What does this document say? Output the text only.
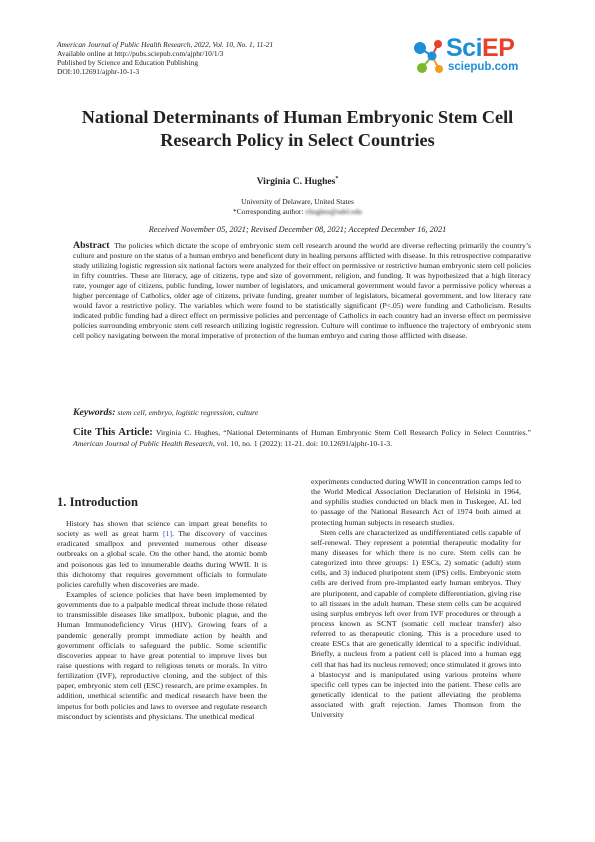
American Journal of Public Health Research, 2022, Vol. 10, No. 1, 11-21
Available online at http://pubs.sciepub.com/ajphr/10/1/3
Published by Science and Education Publishing
DOI:10.12691/ajphr-10-1-3
SciEP
sciepub.com
National Determinants of Human Embryonic Stem Cell
Research Policy in Select Countries
Virginia C. Hughes*
University of Delaware, United States
*Corresponding author: vhughes@udel.edu
Received November 05, 2021; Revised December 08, 2021; Accepted December 16, 2021
Abstract The policies which dictate the scope of embryonic stem cell research around the world are diverse reflecting primarily the country’s culture and posture on the status of a human embryo and beneficent duty in healing persons afflicted with disease. In this retrospective comparative study utilizing logistic regression six national factors were analyzed for their effect on permissive or restrictive human embryonic stem cell policies in fifty countries. These are literacy, age of citizens, type and size of government, religion, and funding. It was hypothesized that a high literacy rate, younger age of citizens, public funding, lower number of legislators, and unicameral government would favor a permissive policy whereas a higher percentage of Catholics, older age of citizens, private funding, greater number of legislators, bicameral government, and low literacy rate would favor a restrictive policy. The variables which were found to be statistically significant (P<.05) were funding and Catholicism. Results indicated public funding had a direct effect on permissive policies and percentage of Catholics in each country had an inverse effect on permissive policies surrounding embryonic stem cell research utilizing logistic regression. Culture will continue to influence the trajectory of embryonic stem cell policy navigating between the moral imperative of protection of the human embryo and curing those afflicted with disease.
Keywords: stem cell, embryo, logistic regression, culture
Cite This Article: Virginia C. Hughes, “National Determinants of Human Embryonic Stem Cell Research Policy in Select Countries.” American Journal of Public Health Research, vol. 10, no. 1 (2022): 11-21. doi: 10.12691/ajphr-10-1-3.
1. Introduction

History has shown that science can impart great benefits to society as well as great harm [1]. The discovery of vaccines eradicated smallpox and prevented numerous other disease outbreaks on a global scale. On the other hand, the atomic bomb and poisonous gas led to innumerable deaths during WWII. It is this dichotomy that requires government officials to formulate policies carefully when discoveries are made.

Examples of science policies that have been implemented by governments due to a palpable medical threat include those related to transmissible diseases like smallpox, bubonic plague, and the Human Immunodeficiency Virus (HIV). Growing fears of a pandemic generally prompt immediate action by health and government officials to safeguard the public. Some scientific discoveries appear to have great potential to improve lives but raise questions with regard to religious tenets or morals. In vitro fertilization (IVF), reproductive cloning, and the subject of this paper, embryonic stem cell (ESC) research, are prime examples. In addition, unethical scientific and medical research have been the impetus for both policies and laws to oversee and regulate research misconduct by scientists and physicians. The unethical medical

experiments conducted during WWII in concentration camps led to the World Medical Association Declaration of Helsinki in 1964, and syphilis studies conducted on black men in Tuskegee, AL led to passage of the National Research Act of 1974 both aimed at protecting human subjects in research studies.

Stem cells are characterized as undifferentiated cells capable of self-renewal. They represent a potential therapeutic modality for many diseases for which there is no cure. Stem cells can be categorized into three groups: 1) ESCs, 2) somatic (adult) stem cells, and 3) induced pluripotent stem (iPS) cells. Embryonic stem cells are derived from pre-implanted early human embryos. They are pluripotent, and capable of complete differentiation, giving rise to all tissues in the adult human. These stem cells can be acquired using surplus embryos left over from IVF procedures or through a process known as SCNT (somatic cell nuclear transfer) also referred to as therapeutic cloning. This is a procedure used to create ESCs that are genetically identical to a specific individual. Briefly, a nucleus from a patient cell is placed into a human egg cell that has had its nucleus removed; once stimulated it grows into a blastocyst and is manipulated using various proteins where specific cell types can be injected into the patient. These cells are genetically identical to the patient alleviating the problems associated with graft rejection. James Thomson from the University
